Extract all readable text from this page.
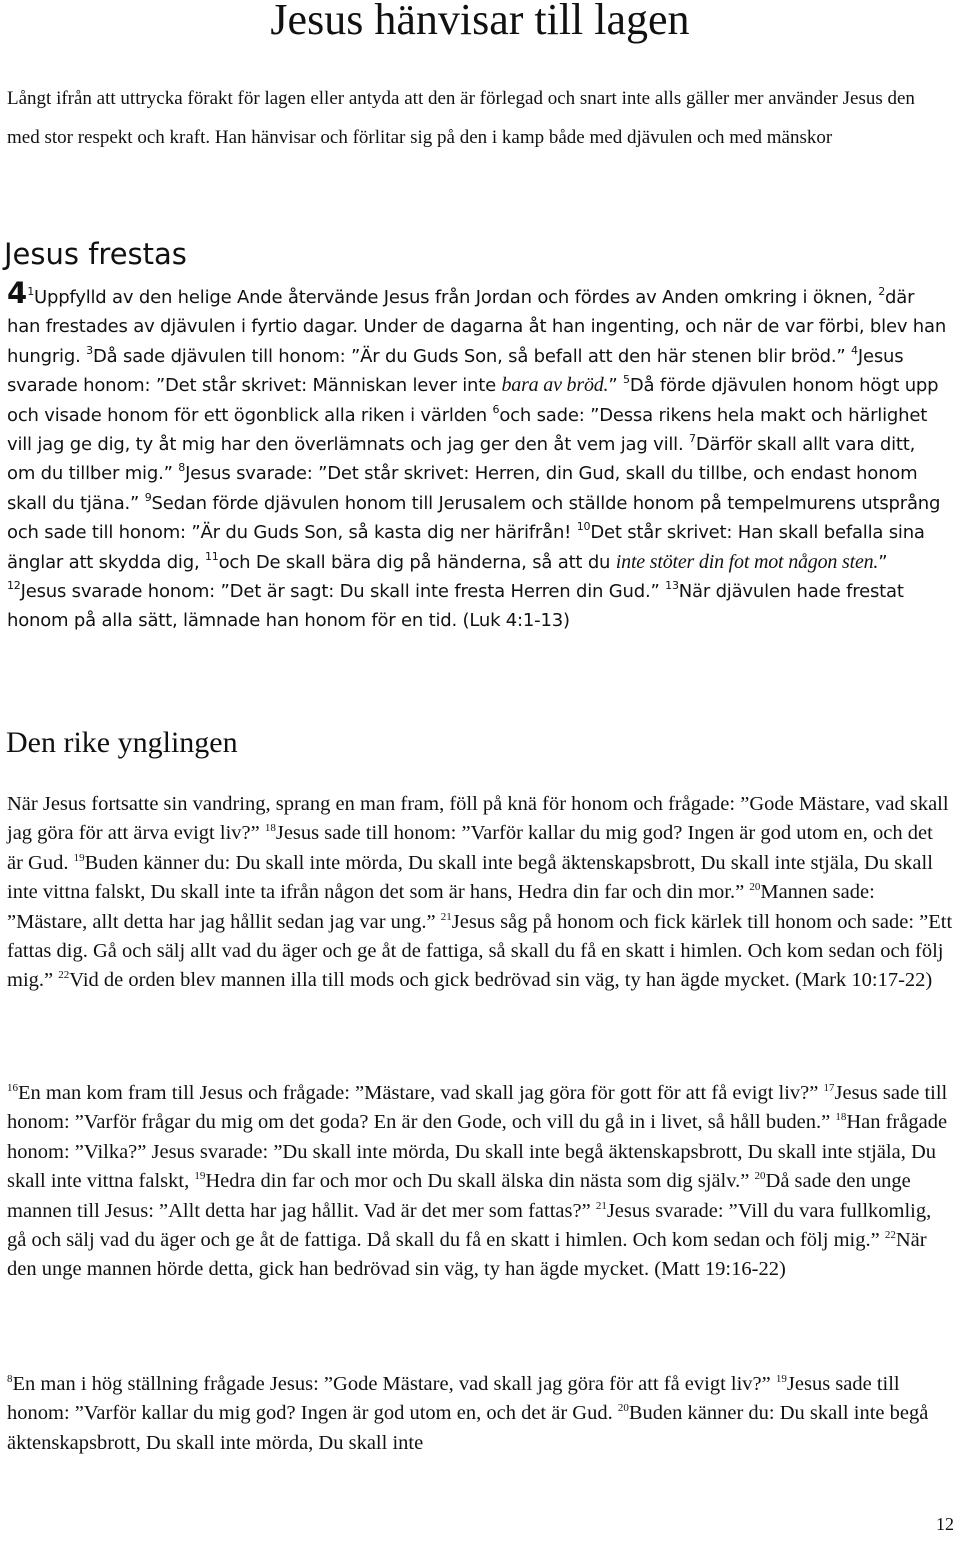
Jesus hänvisar till lagen

Långt ifrån att uttrycka förakt för lagen eller antyda att den är förlegad och snart inte alls gäller mer använder Jesus den med stor respekt och kraft. Han hänvisar och förlitar sig på den i kamp både med djävulen och med mänskor

Jesus frestas

$4^1Uppfylld$ av den helige Ande återvände Jesus från Jordan och fördes av Anden omkring i öknen, $^2$där han frestades av djävulen i fyrtio dagar. Under de dagarna åt han ingenting, och när de var förbi, blev han hungrig. $^3$Då sade djävulen till honom: ”Är du Guds Son, så befall att den här stenen blir bröd.” $^4$Jesus svarade honom: ”Det står skrivet: Människan lever inte bara av bröd.” $^5$Då förde djävulen honom högt upp och visade honom för ett ögonblick alla riken i världen $^6$och sade: ”Dessa rikens hela makt och härlighet vill jag ge dig, ty åt mig har den överlämnats och jag ger den åt vem jag vill. $^7$Därför skall allt vara ditt, om du tillber mig.” $^8$Jesus svarade: ”Det står skrivet: Herren, din Gud, skall du tillbe, och endast honom skall du tjäna.” $^9$Sedan förde djävulen honom till Jerusalem och ställde honom på tempelmurens utsprång och sade till honom: ”Är du Guds Son, så kasta dig ner härifrån! $^{10}$Det står skrivet: Han skall befalla sina änglar att skydda dig, $^{11}$och De skall bära dig på händerna, så att du inte stöter din fot mot någon sten.” $^{12}$Jesus svarade honom: ”Det är sagt: Du skall inte fresta Herren din Gud.” $^{13}$När djävulen hade frestat honom på alla sätt, lämnade han honom för en tid. (Luk 4:1-13)

Den rike ynglingen

När Jesus fortsatte sin vandring, sprang en man fram, föll på knä för honom och frågade: ”Gode Mästare, vad skall jag göra för att ärva evigt liv?” $^{18}$Jesus sade till honom: ”Varför kallar du mig god? Ingen är god utom en, och det är Gud. $^{19}$Buden känner du: Du skall inte mörda, Du skall inte begå äktenskapsbrott, Du skall inte stjäla, Du skall inte vittna falskt, Du skall inte ta ifrån någon det som är hans, Hedra din far och din mor.” $^{20}$Mannen sade: ”Mästare, allt detta har jag hållit sedan jag var ung.” $^{21}$Jesus såg på honom och fick kärlek till honom och sade: ”Ett fattas dig. Gå och sälj allt vad du äger och ge åt de fattiga, så skall du få en skatt i himlen. Och kom sedan och följ mig.” $^{22}$Vid de orden blev mannen illa till mods och gick bedrövad sin väg, ty han ägde mycket. (Mark 10:17-22)

$^{16}$En man kom fram till Jesus och frågade: ”Mästare, vad skall jag göra för gott för att få evigt liv?” $^{17}$Jesus sade till honom: ”Varför frågar du mig om det goda? En är den Gode, och vill du gå in i livet, så håll buden.” $^{18}$Han frågade honom: ”Vilka?” Jesus svarade: ”Du skall inte mörda, Du skall inte begå äktenskapsbrott, Du skall inte stjäla, Du skall inte vittna falskt, $^{19}$Hedra din far och mor och Du skall älska din nästa som dig själv.” $^{20}$Då sade den unge mannen till Jesus: ”Allt detta har jag hållit. Vad är det mer som fattas?” $^{21}$Jesus svarade: ”Vill du vara fullkomlig, gå och sälj vad du äger och ge åt de fattiga. Då skall du få en skatt i himlen. Och kom sedan och följ mig.” $^{22}$När den unge mannen hörde detta, gick han bedrövad sin väg, ty han ägde mycket. (Matt 19:16-22)

$^8$En man i hög ställning frågade Jesus: ”Gode Mästare, vad skall jag göra för att få evigt liv?” $^{19}$Jesus sade till honom: ”Varför kallar du mig god? Ingen är god utom en, och det är Gud. $^{20}$Buden känner du: Du skall inte begå äktenskapsbrott, Du skall inte mörda, Du skall inte

12
